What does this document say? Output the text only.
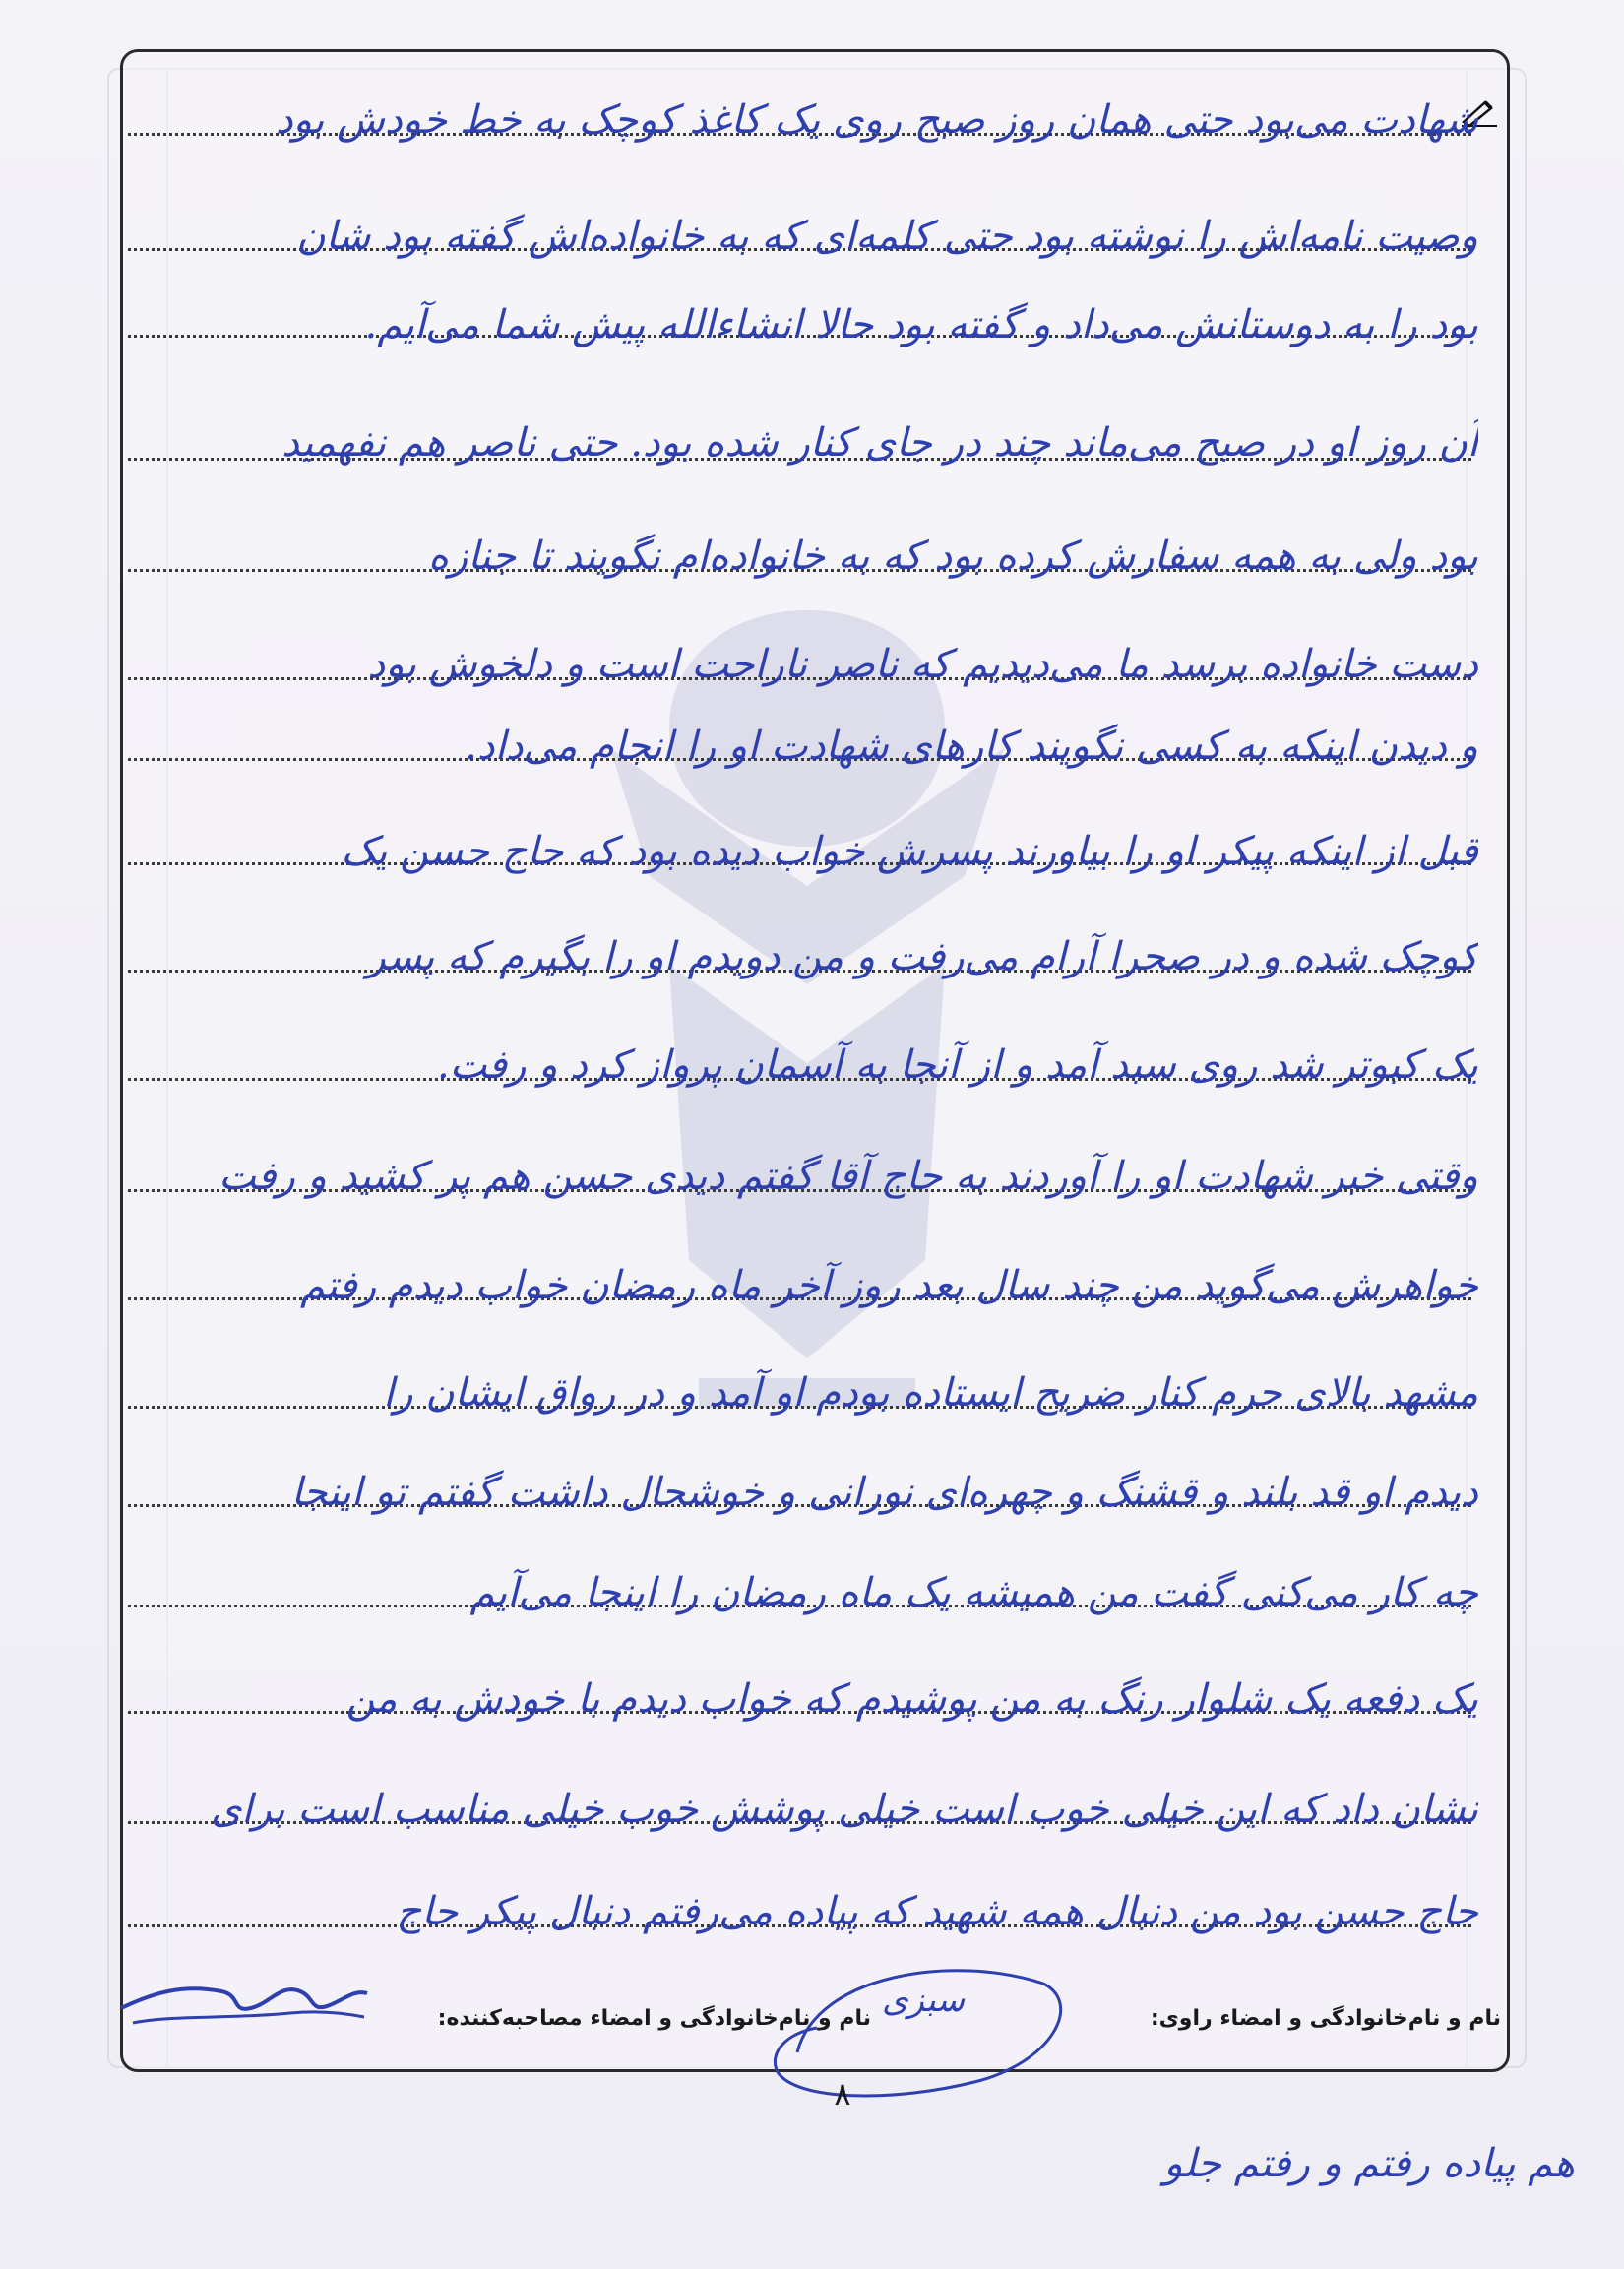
شهادت می‌بود حتی همان روز صبح روی یک کاغذ کوچک به خط خودش بود
وصیت نامه‌اش را نوشته بود حتی کلمه‌ای که به خانواده‌اش گفته بود شان
بود را به دوستانش می‌داد و گفته بود حالا انشاءالله پیش شما می‌آیم.
آن روز او در صبح می‌ماند چند در جای کنار شده بود. حتی ناصر هم نفهمید
بود ولی به همه سفارش کرده بود که به خانواده‌ام نگویند تا جنازه
دست خانواده برسد ما می‌دیدیم که ناصر ناراحت است و دلخوش بود
و دیدن اینکه به کسی نگویند کارهای شهادت او را انجام می‌داد.
قبل از اینکه پیکر او را بیاورند پسرش خواب دیده بود که حاج حسن یک
کوچک شده و در صحرا آرام می‌رفت و من دویدم او را بگیرم که پسر
یک کبوتر شد روی سبد آمد و از آنجا به آسمان پرواز کرد و رفت.
وقتی خبر شهادت او را آوردند به حاج آقا گفتم دیدی حسن هم پر کشید و رفت
خواهرش می‌گوید من چند سال بعد روز آخر ماه رمضان خواب دیدم رفتم
مشهد بالای حرم کنار ضریح ایستاده بودم او آمد و در رواق ایشان را
دیدم او قد بلند و قشنگ و چهره‌ای نورانی و خوشحال داشت گفتم تو اینجا
چه کار می‌کنی گفت من همیشه یک ماه رمضان را اینجا می‌آیم
یک دفعه یک شلوار رنگ به من پوشیدم که خواب دیدم با خودش به من
نشان داد که این خیلی خوب است خیلی پوشش خوب خیلی مناسب است برای
حاج حسن بود من دنبال همه شهید که پیاده می‌رفتم دنبال پیکر حاج
نام و نام‌خانوادگی و امضاء راوی:
نام و نام‌خانوادگی و امضاء مصاحبه‌کننده: سبزی
۸
هم پیاده رفتم و رفتم جلو
